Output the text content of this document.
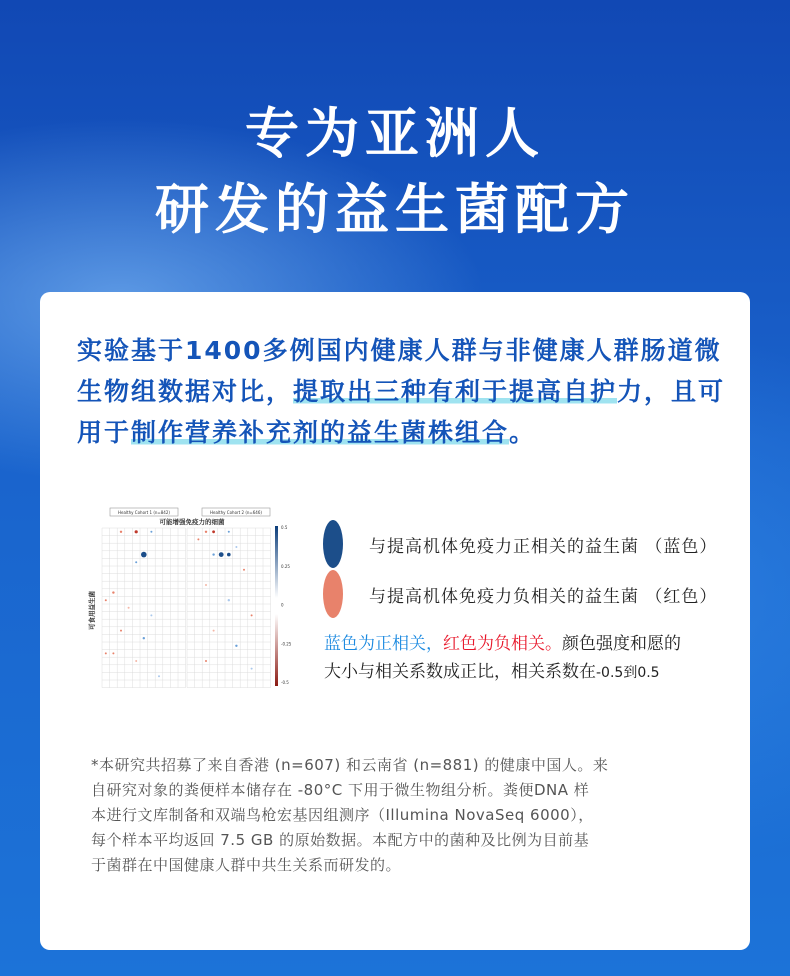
专为亚洲人
研发的益生菌配方
实验基于1400多例国内健康人群与非健康人群肠道微生物组数据对比，提取出三种有利于提高自护力，且可用于制作营养补充剂的益生菌株组合。
Healthy Cohort 1 (n=842)	Healthy Cohort 2 (n=646)
可能增强免疫力的细菌
可食用益生菌
0.5
0.25
0
-0.25
-0.5
与提高机体免疫力正相关的益生菌 （蓝色）
与提高机体免疫力负相关的益生菌 （红色）
蓝色为正相关，红色为负相关。颜色强度和愿的
大小与相关系数成正比，相关系数在-0.5到0.5

*本研究共招募了来自香港 (n=607) 和云南省 (n=881) 的健康中国人。来

自研究对象的粪便样本储存在 -80°C 下用于微生物组分析。粪便DNA 样

本进行文库制备和双端鸟枪宏基因组测序（Illumina NovaSeq 6000），

每个样本平均返回 7.5 GB 的原始数据。本配方中的菌种及比例为目前基

于菌群在中国健康人群中共生关系而研发的。
